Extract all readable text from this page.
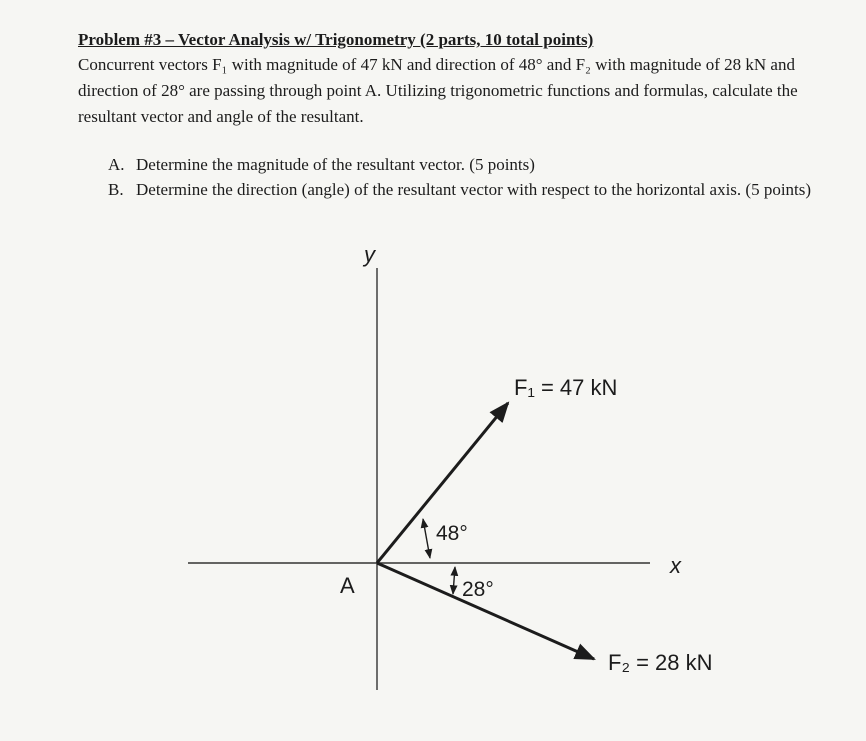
Problem #3 – Vector Analysis w/ Trigonometry (2 parts, 10 total points)
Concurrent vectors F₁ with magnitude of 47 kN and direction of 48° and F₂ with magnitude of 28 kN and direction of 28° are passing through point A. Utilizing trigonometric functions and formulas, calculate the resultant vector and angle of the resultant.
A. Determine the magnitude of the resultant vector. (5 points)
B. Determine the direction (angle) of the resultant vector with respect to the horizontal axis. (5 points)
y
x
A
F₁ = 47 kN
F₂ = 28 kN
48°
28°
